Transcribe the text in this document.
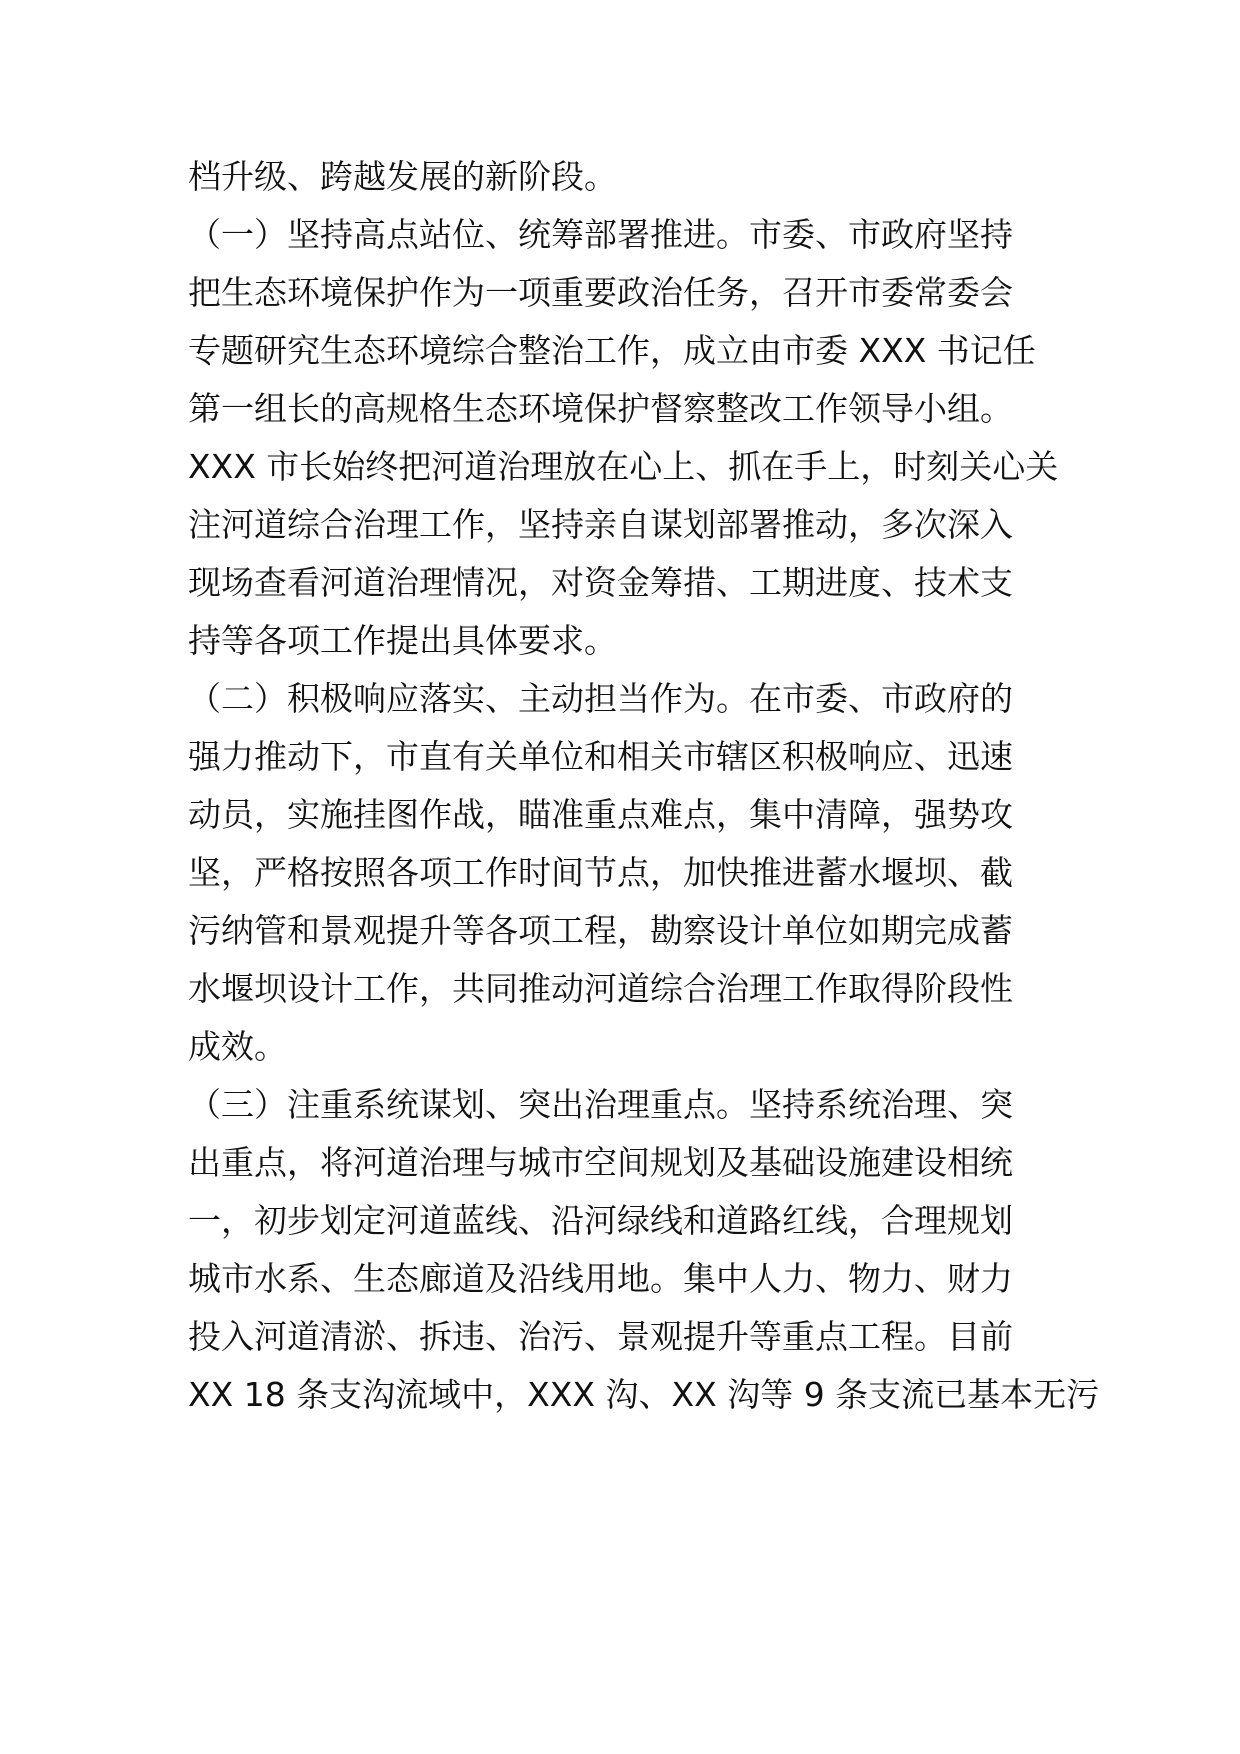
档升级、跨越发展的新阶段。
（一）坚持高点站位、统筹部署推进。市委、市政府坚持
把生态环境保护作为一项重要政治任务，召开市委常委会
专题研究生态环境综合整治工作，成立由市委 XXX 书记任
第一组长的高规格生态环境保护督察整改工作领导小组。
XXX 市长始终把河道治理放在心上、抓在手上，时刻关心关
注河道综合治理工作，坚持亲自谋划部署推动，多次深入
现场查看河道治理情况，对资金筹措、工期进度、技术支
持等各项工作提出具体要求。
（二）积极响应落实、主动担当作为。在市委、市政府的
强力推动下，市直有关单位和相关市辖区积极响应、迅速
动员，实施挂图作战，瞄准重点难点，集中清障，强势攻
坚，严格按照各项工作时间节点，加快推进蓄水堰坝、截
污纳管和景观提升等各项工程，勘察设计单位如期完成蓄
水堰坝设计工作，共同推动河道综合治理工作取得阶段性
成效。
（三）注重系统谋划、突出治理重点。坚持系统治理、突
出重点，将河道治理与城市空间规划及基础设施建设相统
一，初步划定河道蓝线、沿河绿线和道路红线，合理规划
城市水系、生态廊道及沿线用地。集中人力、物力、财力
投入河道清淤、拆违、治污、景观提升等重点工程。目前
XX 18 条支沟流域中，XXX 沟、XX 沟等 9 条支流已基本无污
